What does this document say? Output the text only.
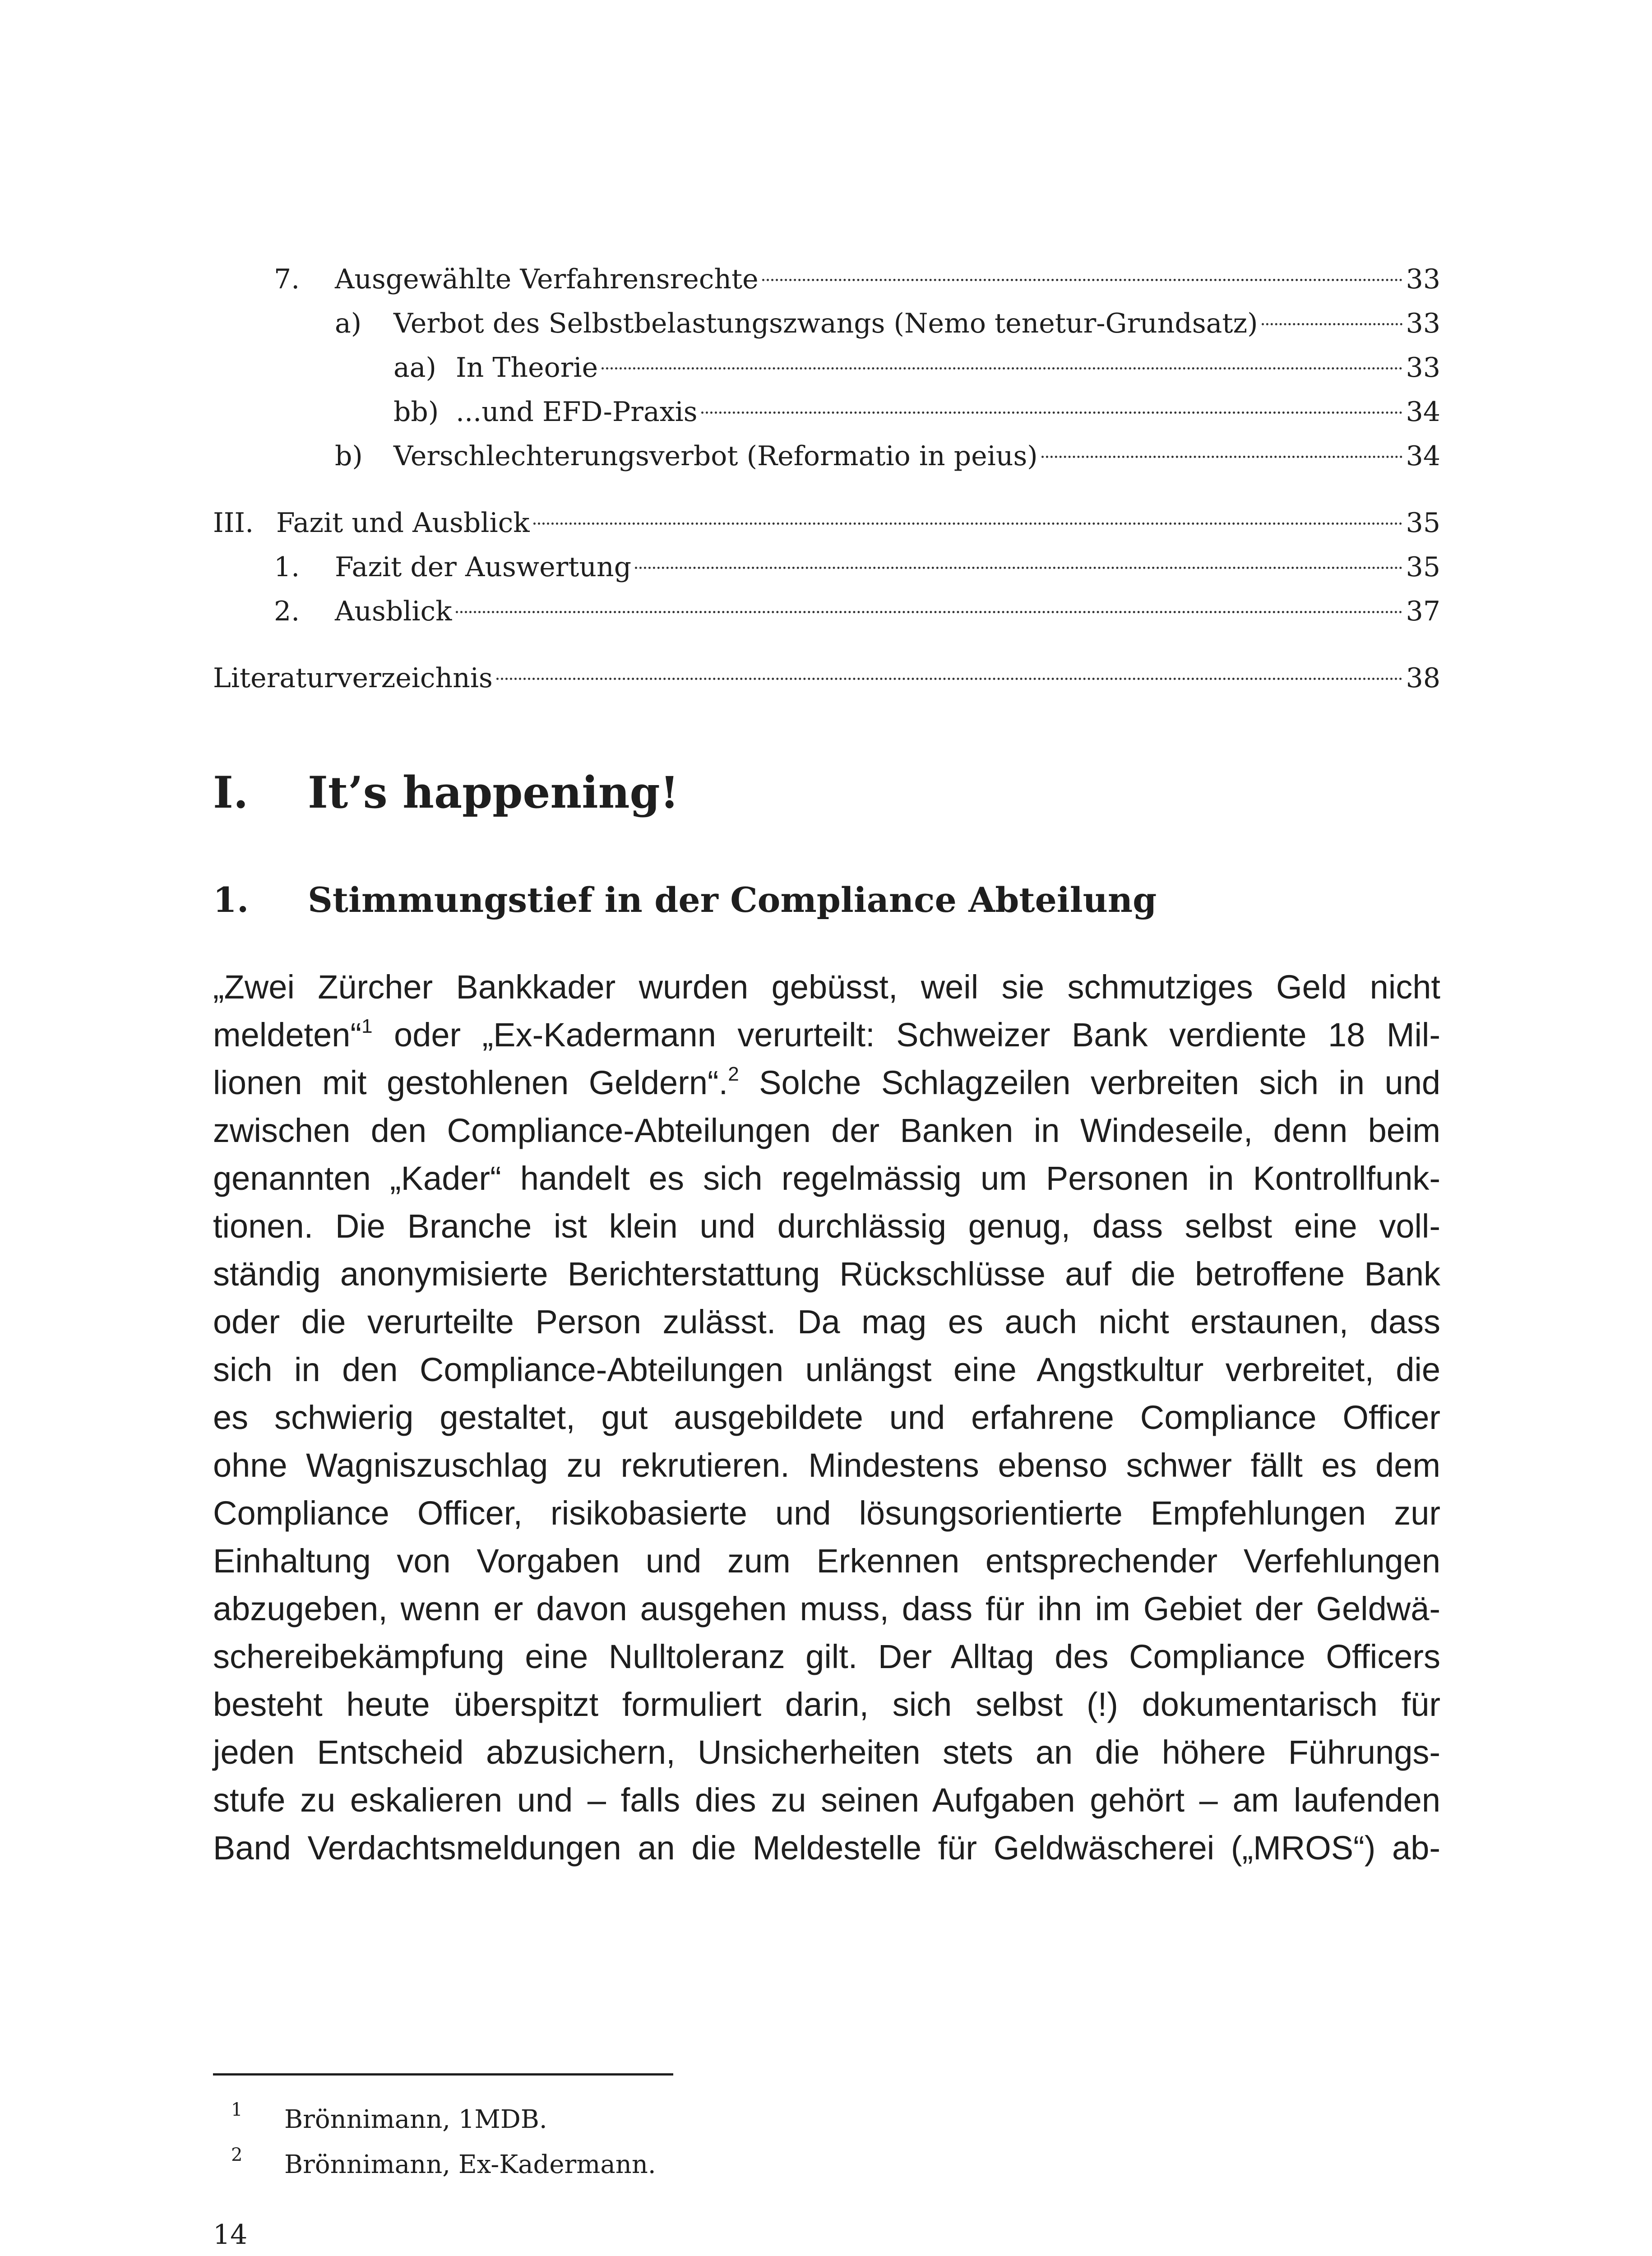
7. Ausgewählte Verfahrensrechte	33
a) Verbot des Selbstbelastungszwangs (Nemo tenetur-Grundsatz)	33
aa) In Theorie	33
bb) ...und EFD-Praxis	34
b) Verschlechterungsverbot (Reformatio in peius)	34
III. Fazit und Ausblick	35
1. Fazit der Auswertung	35
2. Ausblick	37
Literaturverzeichnis	38
I. It’s happening!
1. Stimmungstief in der Compliance Abteilung
„Zwei Zürcher Bankkader wurden gebüsst, weil sie schmutziges Geld nicht
meldeten“$^1$ oder „Ex-Kadermann verurteilt: Schweizer Bank verdiente 18 Mil-
lionen mit gestohlenen Geldern“.$^2$ Solche Schlagzeilen verbreiten sich in und
zwischen den Compliance-Abteilungen der Banken in Windeseile, denn beim
genannten „Kader“ handelt es sich regelmässig um Personen in Kontrollfunk-
tionen. Die Branche ist klein und durchlässig genug, dass selbst eine voll-
ständig anonymisierte Berichterstattung Rückschlüsse auf die betroffene Bank
oder die verurteilte Person zulässt. Da mag es auch nicht erstaunen, dass
sich in den Compliance-Abteilungen unlängst eine Angstkultur verbreitet, die
es schwierig gestaltet, gut ausgebildete und erfahrene Compliance Officer
ohne Wagniszuschlag zu rekrutieren. Mindestens ebenso schwer fällt es dem
Compliance Officer, risikobasierte und lösungsorientierte Empfehlungen zur
Einhaltung von Vorgaben und zum Erkennen entsprechender Verfehlungen
abzugeben, wenn er davon ausgehen muss, dass für ihn im Gebiet der Geldwä-
schereibekämpfung eine Nulltoleranz gilt. Der Alltag des Compliance Officers
besteht heute überspitzt formuliert darin, sich selbst (!) dokumentarisch für
jeden Entscheid abzusichern, Unsicherheiten stets an die höhere Führungs-
stufe zu eskalieren und – falls dies zu seinen Aufgaben gehört – am laufenden
Band Verdachtsmeldungen an die Meldestelle für Geldwäscherei („MROS“) ab-
1 Brönnimann, 1MDB.
2 Brönnimann, Ex-Kadermann.
14
